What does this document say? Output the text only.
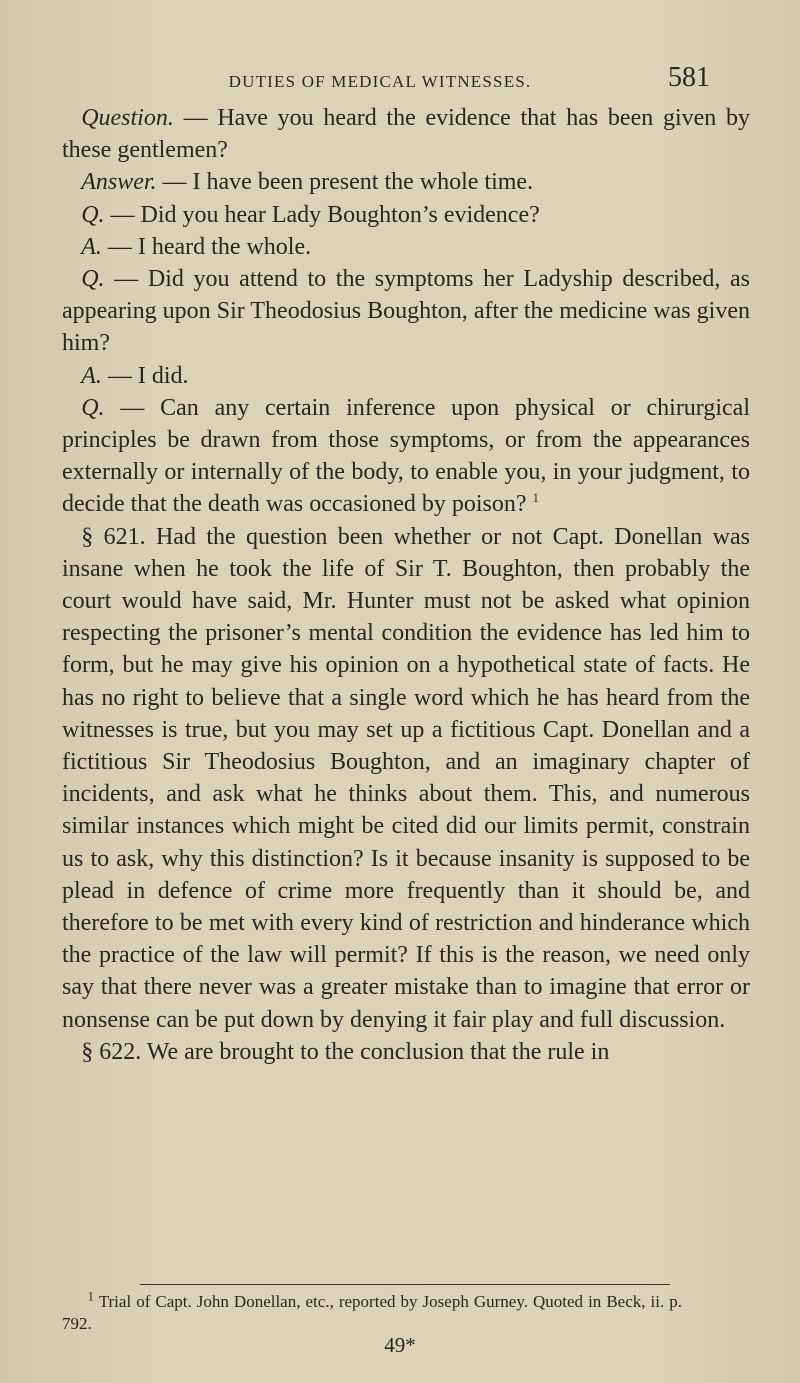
DUTIES OF MEDICAL WITNESSES.	581

Question. — Have you heard the evidence that has been given by these gentlemen?

Answer. — I have been present the whole time.

Q. — Did you hear Lady Boughton’s evidence?

A. — I heard the whole.

Q. — Did you attend to the symptoms her Ladyship described, as appearing upon Sir Theodosius Boughton, after the medicine was given him?

A. — I did.

Q. — Can any certain inference upon physical or chirurgical principles be drawn from those symptoms, or from the appearances externally or internally of the body, to enable you, in your judgment, to decide that the death was occasioned by poison? $^1$

§ 621. Had the question been whether or not Capt. Donellan was insane when he took the life of Sir T. Boughton, then probably the court would have said, Mr. Hunter must not be asked what opinion respecting the prisoner’s mental condition the evidence has led him to form, but he may give his opinion on a hypothetical state of facts. He has no right to believe that a single word which he has heard from the witnesses is true, but you may set up a fictitious Capt. Donellan and a fictitious Sir Theodosius Boughton, and an imaginary chapter of incidents, and ask what he thinks about them. This, and numerous similar instances which might be cited did our limits permit, constrain us to ask, why this distinction? Is it because insanity is supposed to be plead in defence of crime more frequently than it should be, and therefore to be met with every kind of restriction and hinderance which the practice of the law will permit? If this is the reason, we need only say that there never was a greater mistake than to imagine that error or nonsense can be put down by denying it fair play and full discussion.

§ 622. We are brought to the conclusion that the rule in

$^1$ Trial of Capt. John Donellan, etc., reported by Joseph Gurney. Quoted in Beck, ii. p. 792.
49*
